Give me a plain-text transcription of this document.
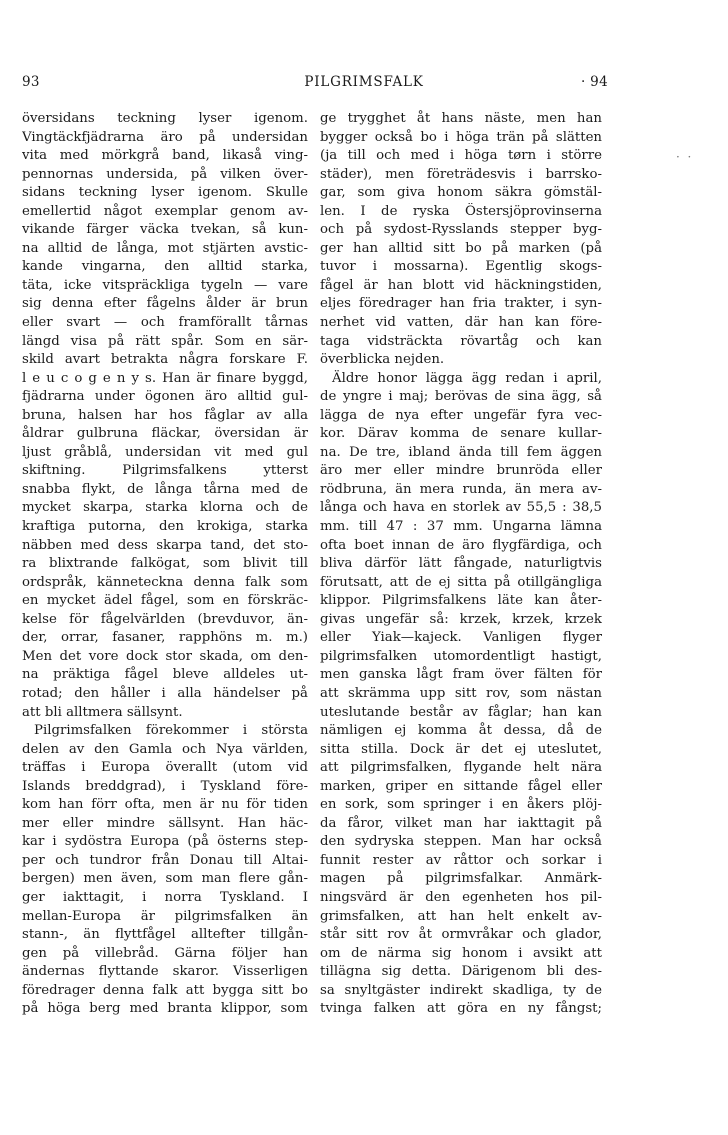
93	PILGRIMSFALK	· 94
·  ·
översidans teckning lyser igenom.
Vingtäckfjädrarna äro på undersidan
vita med mörkgrå band, likaså ving-
pennornas undersida, på vilken över-
sidans teckning lyser igenom. Skulle
emellertid något exemplar genom av-
vikande färger väcka tvekan, så kun-
na alltid de långa, mot stjärten avstic-
kande vingarna, den alltid starka,
täta, icke vitspräckliga tygeln — vare
sig denna efter fågelns ålder är brun
eller svart — och framförallt tårnas
längd visa på rätt spår. Som en sär-
skild avart betrakta några forskare F.
l e u c o g e n y s. Han är finare byggd,
fjädrarna under ögonen äro alltid gul-
bruna, halsen har hos fåglar av alla
åldrar gulbruna fläckar, översidan är
ljust gråblå, undersidan vit med gul
skiftning. Pilgrimsfalkens ytterst
snabba flykt, de långa tårna med de
mycket skarpa, starka klorna och de
kraftiga putorna, den krokiga, starka
näbben med dess skarpa tand, det sto-
ra blixtrande falkögat, som blivit till
ordspråk, kännetecknа denna falk som
en mycket ädel fågel, som en förskräc-
kelse för fågelvärlden (brevduvor, än-
der, orrar, fasaner, rapphöns m. m.)
Men det vore dock stor skada, om den-
na präktiga fågel bleve alldeles ut-
rotad; den håller i alla händelser på
att bli alltmera sällsynt.
Pilgrimsfalken förekommer i största
delen av den Gamla och Nya världen,
träffas i Europa överallt (utom vid
Islands breddgrad), i Tyskland före-
kom han förr ofta, men är nu för tiden
mer eller mindre sällsynt. Han häc-
kar i sydöstra Europa (på österns step-
per och tundror från Donau till Altai-
bergen) men även, som man flere gån-
ger iakttagit, i norra Tyskland. I
mellan-Europa är pilgrimsfalken än
stann-, än flyttfågel alltefter tillgån-
gen på villebråd. Gärna följer han
ändernas flyttande skaror. Visserligen
föredrager denna falk att bygga sitt bo
på höga berg med branta klippor, som
ge trygghet åt hans näste, men han
bygger också bo i höga trän på slätten
(ja till och med i höga tørn i större
städer), men företrädesvis i barrsko-
gar, som giva honom säkra gömstäl-
len. I de ryska Östersjöprovinserna
och på sydost-Rysslands stepper byg-
ger han alltid sitt bo på marken (på
tuvor i mossarna). Egentlig skogs-
fågel är han blott vid häckningstiden,
eljes föredrager han fria trakter, i syn-
nerhet vid vatten, där han kan före-
taga vidsträckta rövartåg och kan
överblicka nejden.
Äldre honor lägga ägg redan i april,
de yngre i maj; berövas de sina ägg, så
lägga de nya efter ungefär fyra vec-
kor. Därav komma de senare kullar-
na. De tre, ibland ända till fem äggen
äro mer eller mindre brunröda eller
rödbruna, än mera runda, än mera av-
långa och hava en storlek av 55,5 : 38,5
mm. till 47 : 37 mm. Ungarna lämna
ofta boet innan de äro flygfärdiga, och
bliva därför lätt fångade, naturligtvis
förutsatt, att de ej sitta på otillgängliga
klippor. Pilgrimsfalkens läte kan åter-
givas ungefär så: krzek, krzek, krzek
eller Yiak—kajeck. Vanligen flyger
pilgrimsfalken utomordentligt hastigt,
men ganska lågt fram över fälten för
att skrämma upp sitt rov, som nästan
uteslutande består av fåglar; han kan
nämligen ej komma åt dessa, då de
sitta stilla. Dock är det ej uteslutet,
att pilgrimsfalken, flygande helt nära
marken, griper en sittande fågel eller
en sork, som springer i en åkers plöj-
da fåror, vilket man har iakttagit på
den sydryska steppen. Man har också
funnit rester av råttor och sorkar i
magen på pilgrimsfalkar. Anmärk-
ningsvärd är den egenheten hos pil-
grimsfalken, att han helt enkelt av-
står sitt rov åt ormvråkar och glador,
om de närma sig honom i avsikt att
tillägna sig detta. Därigenom bli des-
sa snyltgäster indirekt skadliga, ty de
tvinga falken att göra en ny fångst;
